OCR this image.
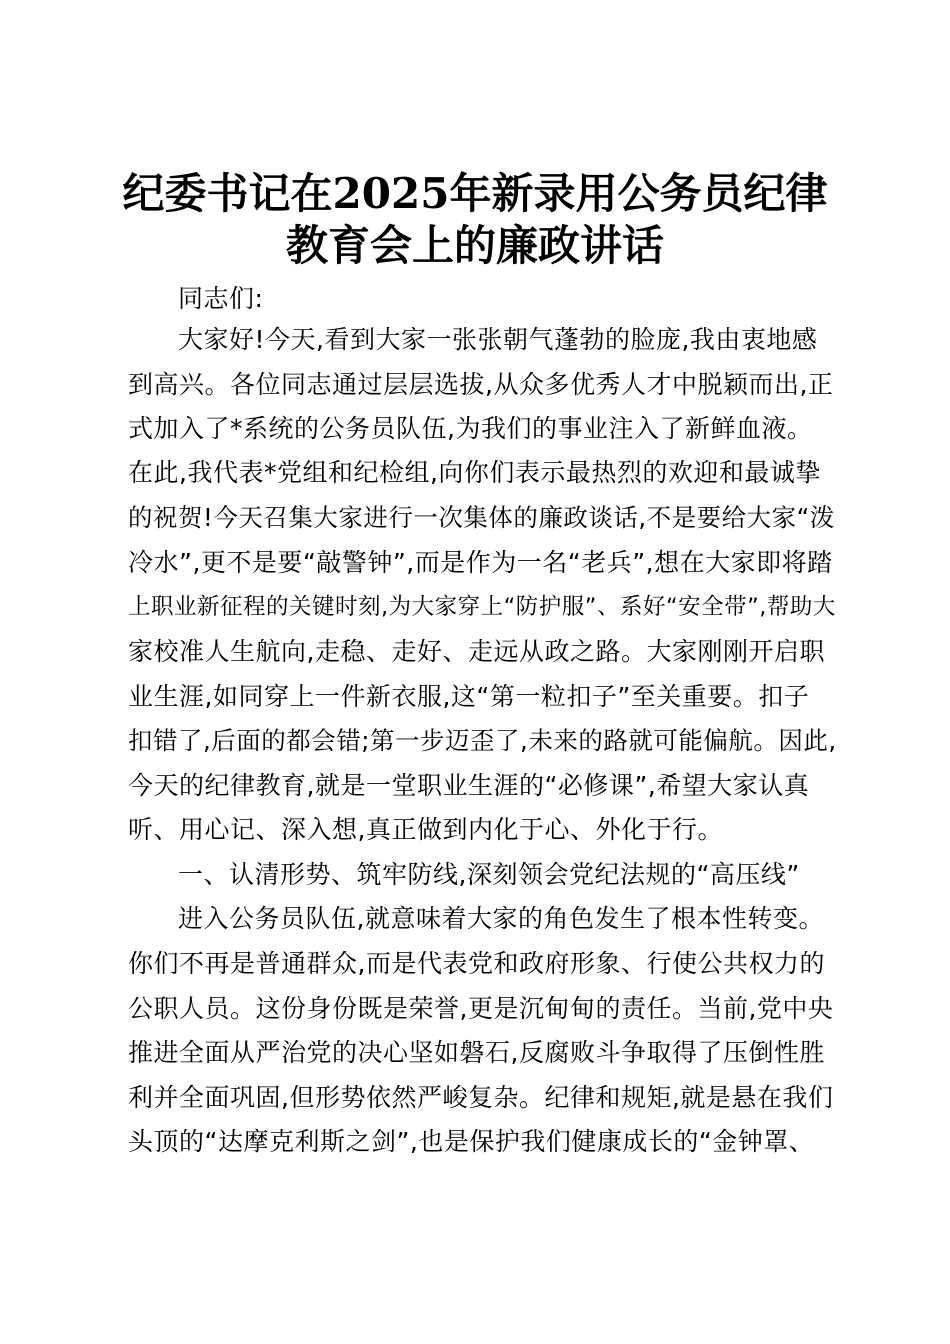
纪委书记在2025年新录用公务员纪律
教育会上的廉政讲话
同志们:
大家好!今天,看到大家一张张朝气蓬勃的脸庞,我由衷地感
到高兴。各位同志通过层层选拔,从众多优秀人才中脱颖而出,正
式加入了*系统的公务员队伍,为我们的事业注入了新鲜血液。
在此,我代表*党组和纪检组,向你们表示最热烈的欢迎和最诚挚
的祝贺!今天召集大家进行一次集体的廉政谈话,不是要给大家“泼
冷水”,更不是要“敲警钟”,而是作为一名“老兵”,想在大家即将踏
上职业新征程的关键时刻,为大家穿上“防护服”、系好“安全带”,帮助大
家校准人生航向,走稳、走好、走远从政之路。大家刚刚开启职
业生涯,如同穿上一件新衣服,这“第一粒扣子”至关重要。扣子
扣错了,后面的都会错;第一步迈歪了,未来的路就可能偏航。因此,
今天的纪律教育,就是一堂职业生涯的“必修课”,希望大家认真
听、用心记、深入想,真正做到内化于心、外化于行。
一、认清形势、筑牢防线,深刻领会党纪法规的“高压线”
进入公务员队伍,就意味着大家的角色发生了根本性转变。
你们不再是普通群众,而是代表党和政府形象、行使公共权力的
公职人员。这份身份既是荣誉,更是沉甸甸的责任。当前,党中央
推进全面从严治党的决心坚如磐石,反腐败斗争取得了压倒性胜
利并全面巩固,但形势依然严峻复杂。纪律和规矩,就是悬在我们
头顶的“达摩克利斯之剑”,也是保护我们健康成长的“金钟罩、
